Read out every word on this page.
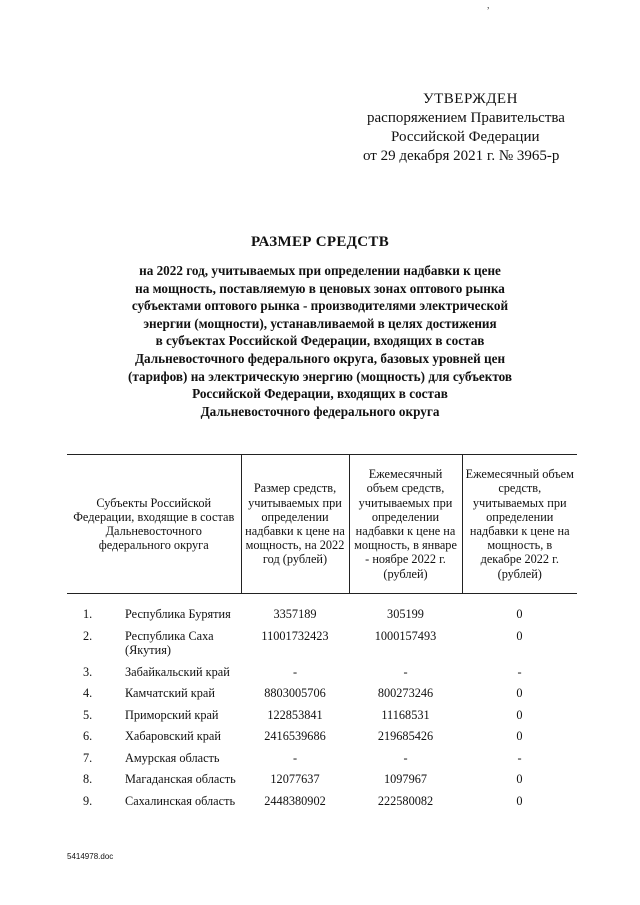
,
УТВЕРЖДЕН
распоряжением Правительства
Российской Федерации
от 29 декабря 2021 г. № 3965-р
РАЗМЕР СРЕДСТВ
на 2022 год, учитываемых при определении надбавки к цене
на мощность, поставляемую в ценовых зонах оптового рынка
субъектами оптового рынка - производителями электрической
энергии (мощности), устанавливаемой в целях достижения
в субъектах Российской Федерации, входящих в состав
Дальневосточного федерального округа, базовых уровней цен
(тарифов) на электрическую энергию (мощность) для субъектов
Российской Федерации, входящих в состав
Дальневосточного федерального округа
Субъекты Российской Федерации, входящие в состав Дальневосточного федерального округа	Размер средств, учитываемых при определении надбавки к цене на мощность, на 2022 год (рублей)	Ежемесячный объем средств, учитываемых при определении надбавки к цене на мощность, в январе - ноябре 2022 г. (рублей)	Ежемесячный объем средств, учитываемых при определении надбавки к цене на мощность, в декабре 2022 г. (рублей)
1. Республика Бурятия	3357189	305199	0

2. Республика Саха (Якутия)	11001732423	1000157493	0

3. Забайкальский край	-	-	-

4. Камчатский край	8803005706	800273246	0

5. Приморский край	122853841	11168531	0

6. Хабаровский край	2416539686	219685426	0

7. Амурская область	-	-	-

8. Магаданская область	12077637	1097967	0

9. Сахалинская область	2448380902	222580082	0
5414978.doc
